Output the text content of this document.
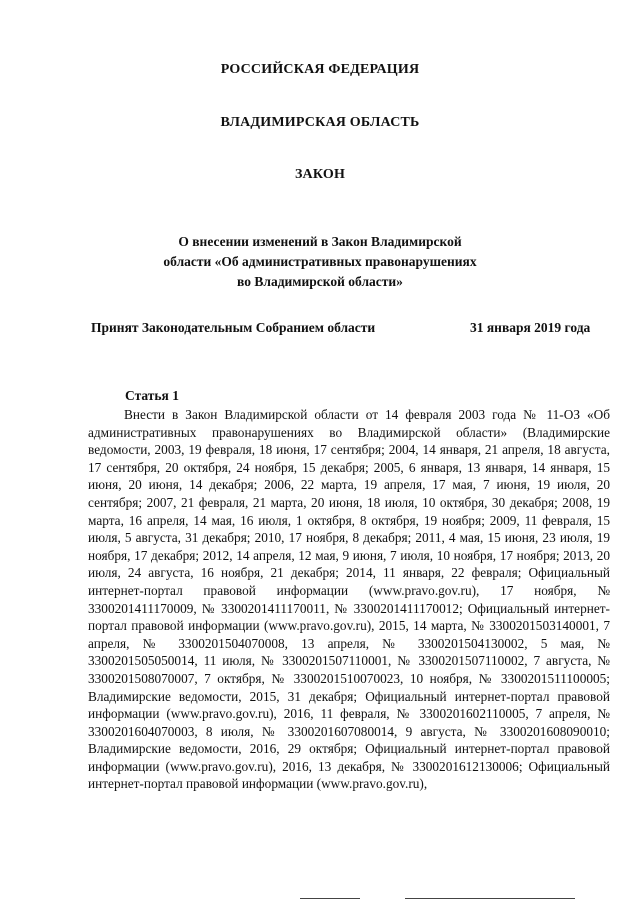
РОССИЙСКАЯ ФЕДЕРАЦИЯ
ВЛАДИМИРСКАЯ ОБЛАСТЬ
ЗАКОН
О внесении изменений в Закон Владимирской
области «Об административных правонарушениях
во Владимирской области»
Принят Законодательным Собранием области	31 января 2019 года
Статья 1

Внести в Закон Владимирской области от 14 февраля 2003 года № 11-ОЗ «Об административных правонарушениях во Владимирской области» (Владимирские ведомости, 2003, 19 февраля, 18 июня, 17 сентября; 2004, 14 января, 21 апреля, 18 августа, 17 сентября, 20 октября, 24 ноября, 15 декабря; 2005, 6 января, 13 января, 14 января, 15 июня, 20 июня, 14 декабря; 2006, 22 марта, 19 апреля, 17 мая, 7 июня, 19 июля, 20 сентября; 2007, 21 февраля, 21 марта, 20 июня, 18 июля, 10 октября, 30 декабря; 2008, 19 марта, 16 апреля, 14 мая, 16 июля, 1 октября, 8 октября, 19 ноября; 2009, 11 февраля, 15 июля, 5 августа, 31 декабря; 2010, 17 ноября, 8 декабря; 2011, 4 мая, 15 июня, 23 июля, 19 ноября, 17 декабря; 2012, 14 апреля, 12 мая, 9 июня, 7 июля, 10 ноября, 17 ноября; 2013, 20 июля, 24 августа, 16 ноября, 21 декабря; 2014, 11 января, 22 февраля; Официальный интернет-портал правовой информации (www.pravo.gov.ru), 17 ноября, № 3300201411170009, № 3300201411170011, № 3300201411170012; Официальный интернет-портал правовой информации (www.pravo.gov.ru), 2015, 14 марта, № 3300201503140001, 7 апреля, № 3300201504070008, 13 апреля, № 3300201504130002, 5 мая, № 3300201505050014, 11 июля, № 3300201507110001, № 3300201507110002, 7 августа, № 3300201508070007, 7 октября, № 3300201510070023, 10 ноября, № 3300201511100005; Владимирские ведомости, 2015, 31 декабря; Официальный интернет-портал правовой информации (www.pravo.gov.ru), 2016, 11 февраля, № 3300201602110005, 7 апреля, № 3300201604070003, 8 июля, № 3300201607080014, 9 августа, № 3300201608090010; Владимирские ведомости, 2016, 29 октября; Официальный интернет-портал правовой информации (www.pravo.gov.ru), 2016, 13 декабря, № 3300201612130006; Официальный интернет-портал правовой информации (www.pravo.gov.ru),
